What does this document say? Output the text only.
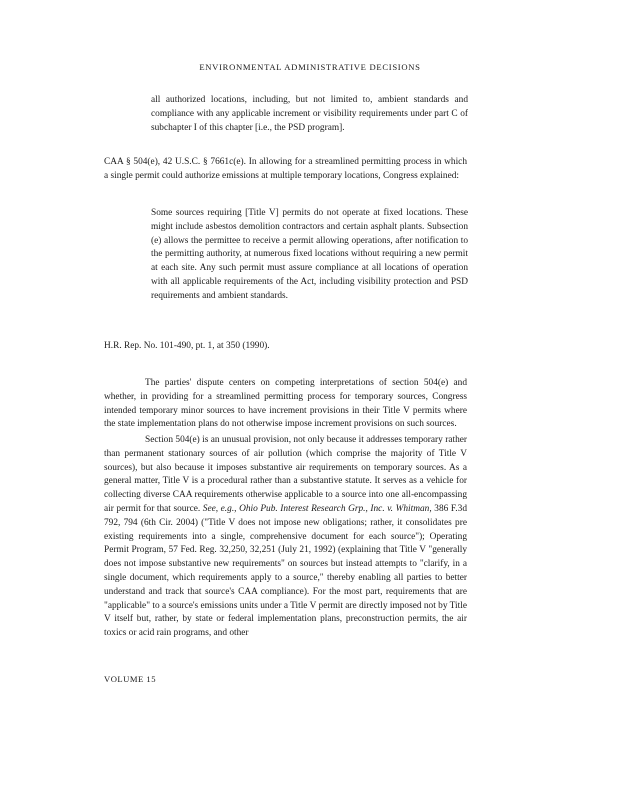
ENVIRONMENTAL ADMINISTRATIVE DECISIONS

all authorized locations, including, but not limited to, ambient standards and compliance with any applicable increment or visibility requirements under part C of subchapter I of this chapter [i.e., the PSD program].

CAA § 504(e), 42 U.S.C. § 7661c(e). In allowing for a streamlined permitting process in which a single permit could authorize emissions at multiple temporary locations, Congress explained:

Some sources requiring [Title V] permits do not operate at fixed locations. These might include asbestos demolition contractors and certain asphalt plants. Subsection (e) allows the permittee to receive a permit allowing operations, after notification to the permitting authority, at numerous fixed locations without requiring a new permit at each site. Any such permit must assure compliance at all locations of operation with all applicable requirements of the Act, including visibility protection and PSD requirements and ambient standards.

H.R. Rep. No. 101-490, pt. 1, at 350 (1990).

The parties' dispute centers on competing interpretations of section 504(e) and whether, in providing for a streamlined permitting process for temporary sources, Congress intended temporary minor sources to have increment provisions in their Title V permits where the state implementation plans do not otherwise impose increment provisions on such sources.

Section 504(e) is an unusual provision, not only because it addresses temporary rather than permanent stationary sources of air pollution (which comprise the majority of Title V sources), but also because it imposes substantive air requirements on temporary sources. As a general matter, Title V is a procedural rather than a substantive statute. It serves as a vehicle for collecting diverse CAA requirements otherwise applicable to a source into one all-encompassing air permit for that source. See, e.g., Ohio Pub. Interest Research Grp., Inc. v. Whitman, 386 F.3d 792, 794 (6th Cir. 2004) ("Title V does not impose new obligations; rather, it consolidates pre existing requirements into a single, comprehensive document for each source"); Operating Permit Program, 57 Fed. Reg. 32,250, 32,251 (July 21, 1992) (explaining that Title V "generally does not impose substantive new requirements" on sources but instead attempts to "clarify, in a single document, which requirements apply to a source," thereby enabling all parties to better understand and track that source's CAA compliance). For the most part, requirements that are "applicable" to a source's emissions units under a Title V permit are directly imposed not by Title V itself but, rather, by state or federal implementation plans, preconstruction permits, the air toxics or acid rain programs, and other

VOLUME 15
